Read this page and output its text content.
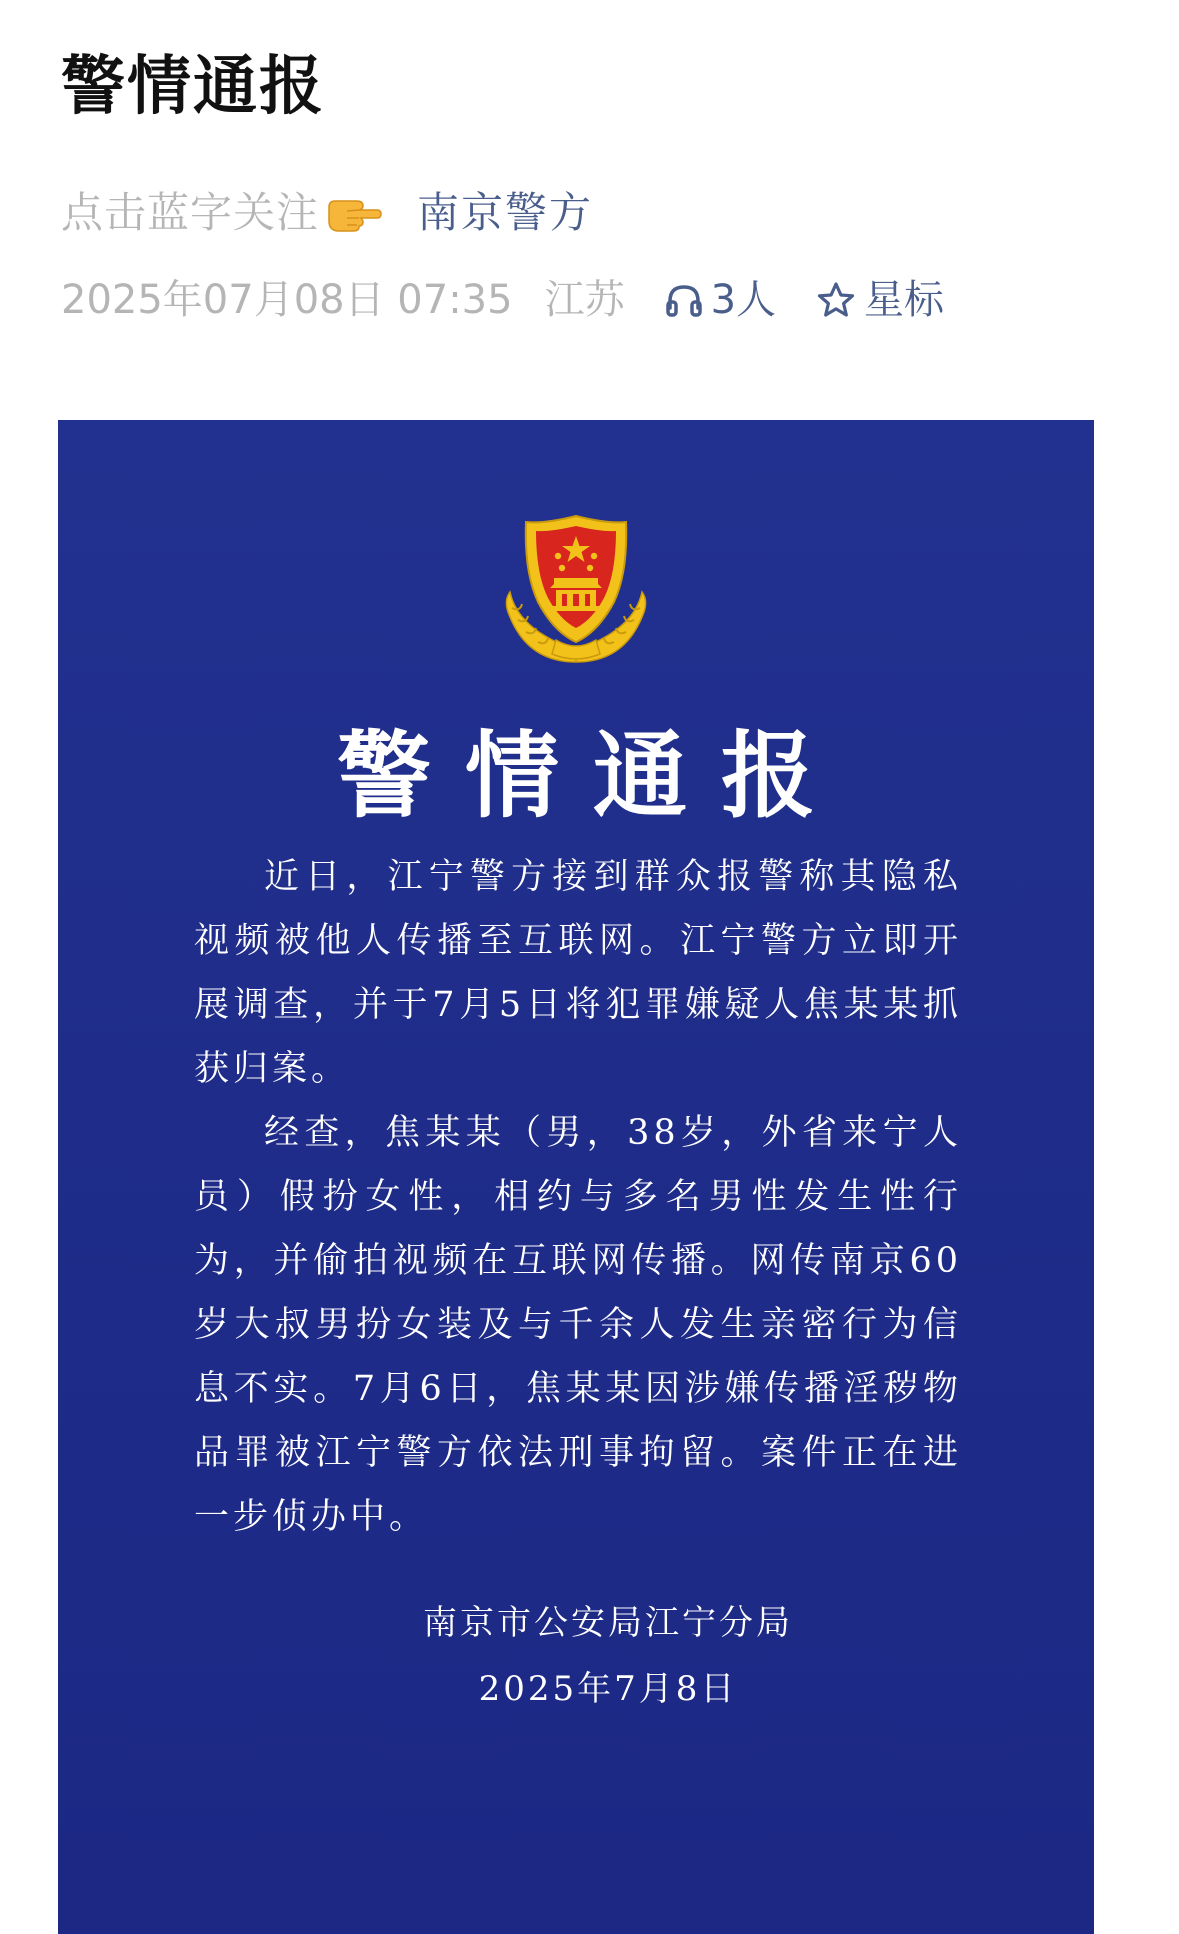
警情通报
点击蓝字关注 南京警方
2025年07月08日 07:35 江苏 3人 星标
警情通报

近日，江宁警方接到群众报警称其隐私视频被他人传播至互联网。江宁警方立即开展调查，并于7月5日将犯罪嫌疑人焦某某抓获归案。

经查，焦某某（男，38岁，外省来宁人员）假扮女性，相约与多名男性发生性行为，并偷拍视频在互联网传播。网传南京60岁大叔男扮女装及与千余人发生亲密行为信息不实。7月6日，焦某某因涉嫌传播淫秽物品罪被江宁警方依法刑事拘留。案件正在进一步侦办中。

南京市公安局江宁分局
2025年7月8日
